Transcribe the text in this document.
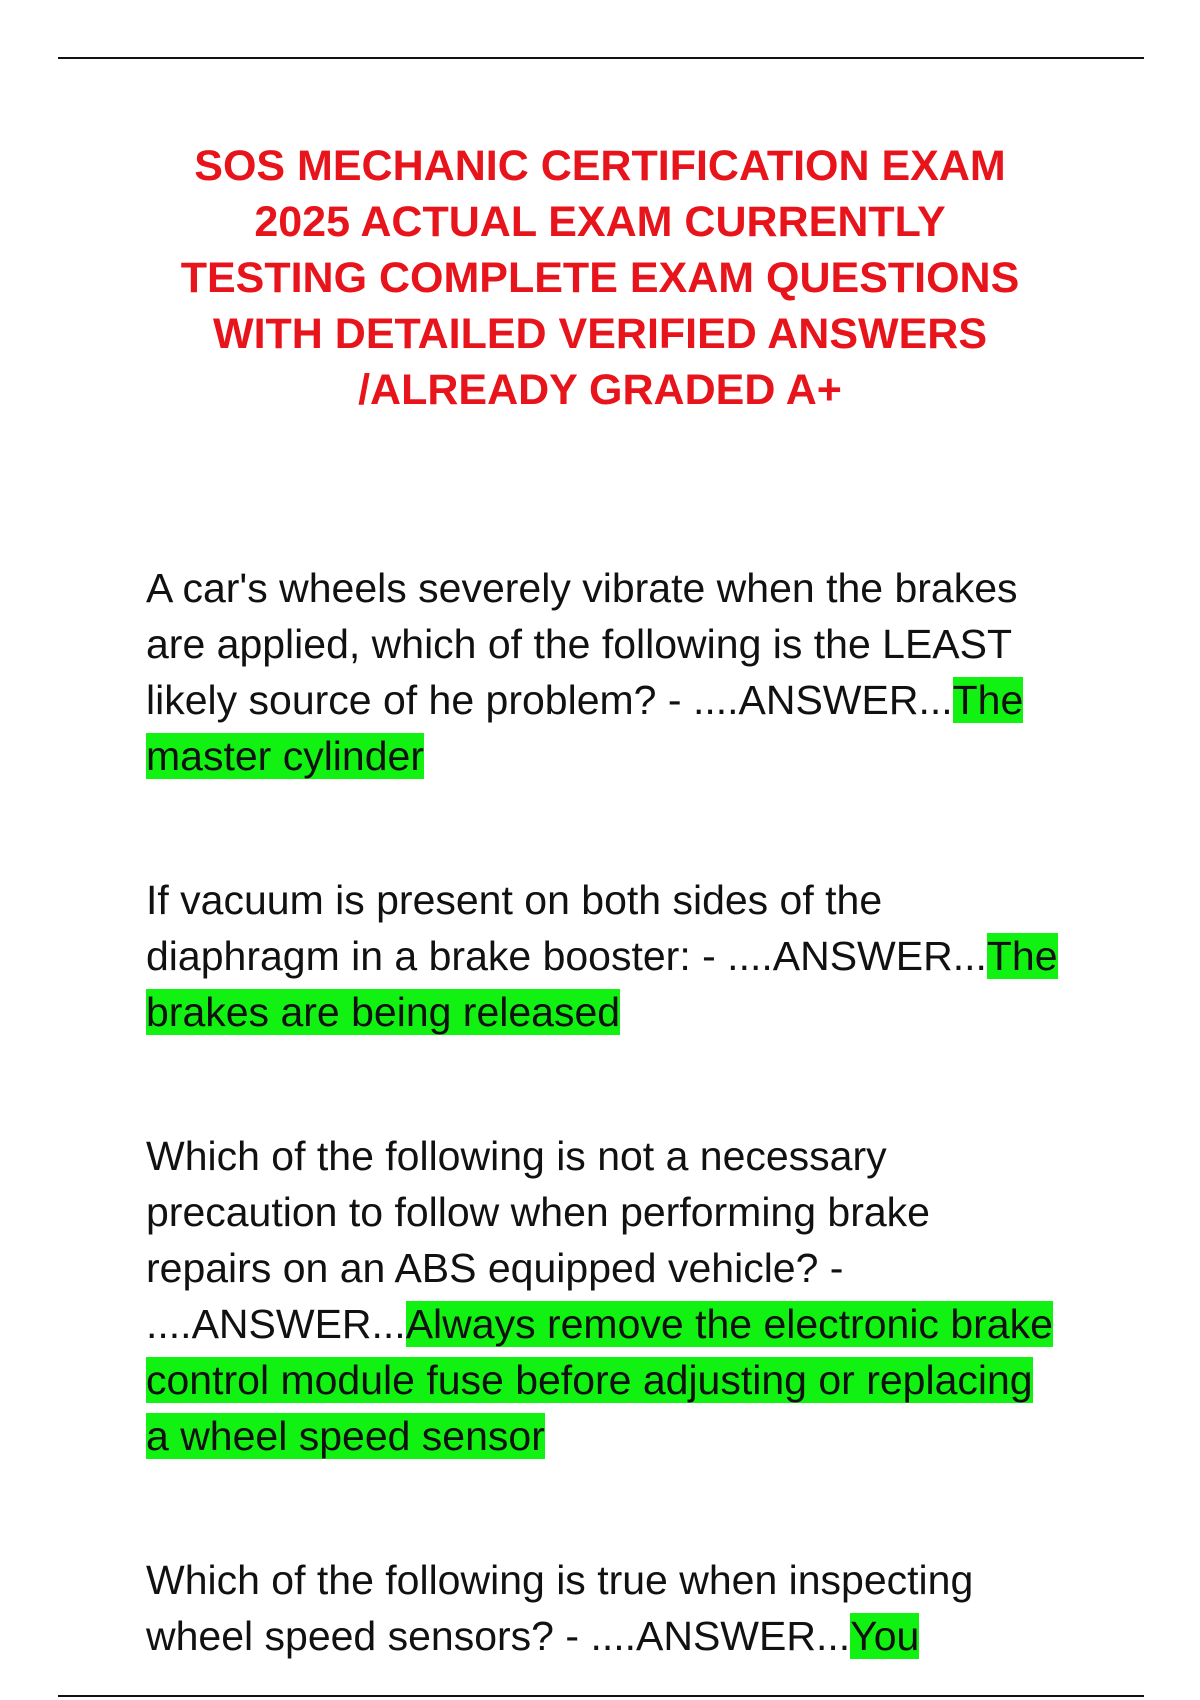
SOS MECHANIC CERTIFICATION EXAM
2025 ACTUAL EXAM CURRENTLY
TESTING COMPLETE EXAM QUESTIONS
WITH DETAILED VERIFIED ANSWERS
/ALREADY GRADED A+

A car's wheels severely vibrate when the brakes are applied, which of the following is the LEAST likely source of he problem? - ....ANSWER...The master cylinder

If vacuum is present on both sides of the diaphragm in a brake booster: - ....ANSWER...The brakes are being released

Which of the following is not a necessary precaution to follow when performing brake repairs on an ABS equipped vehicle? - ....ANSWER...Always remove the electronic brake control module fuse before adjusting or replacing a wheel speed sensor

Which of the following is true when inspecting wheel speed sensors? - ....ANSWER...You
